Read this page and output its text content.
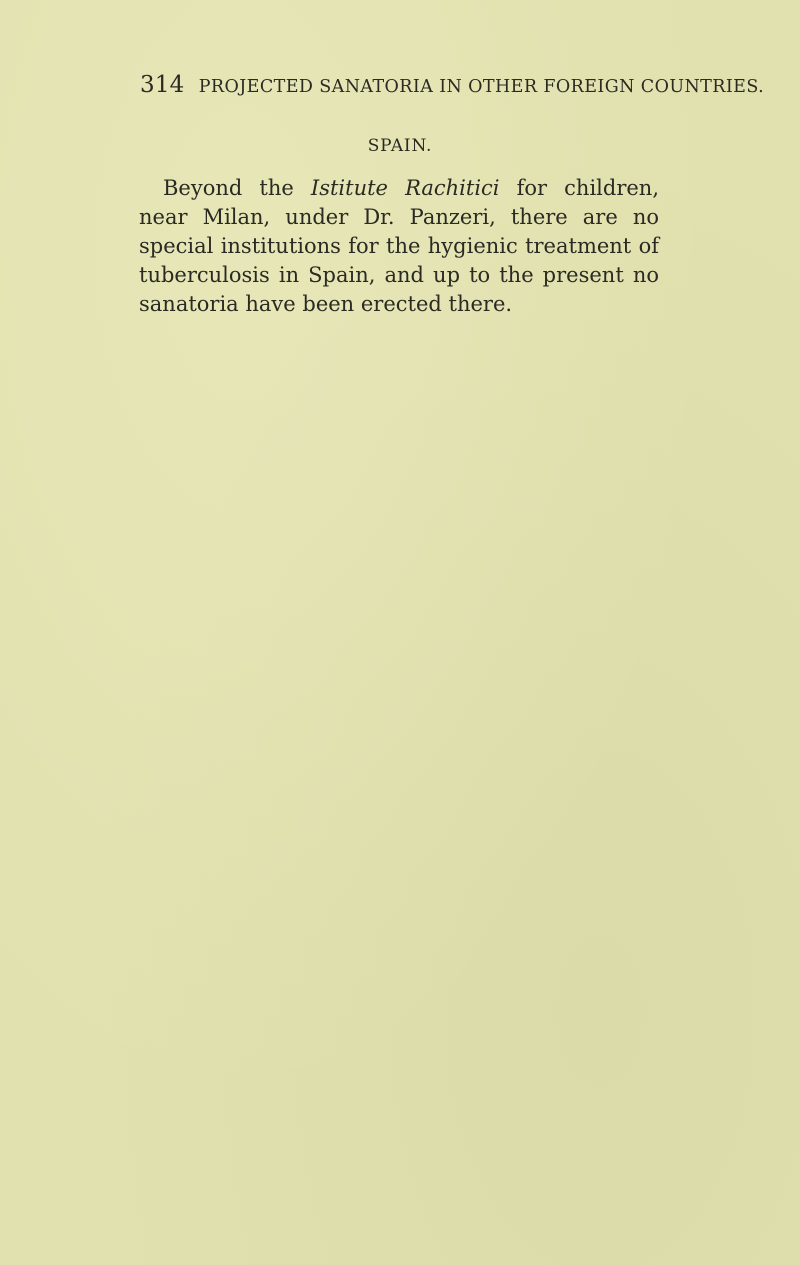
314 PROJECTED SANATORIA IN OTHER FOREIGN COUNTRIES.
SPAIN.

Beyond the Istitute Rachitici for children, near Milan, under Dr. Panzeri, there are no special institutions for the hygienic treatment of tuberculosis in Spain, and up to the present no sanatoria have been erected there.
